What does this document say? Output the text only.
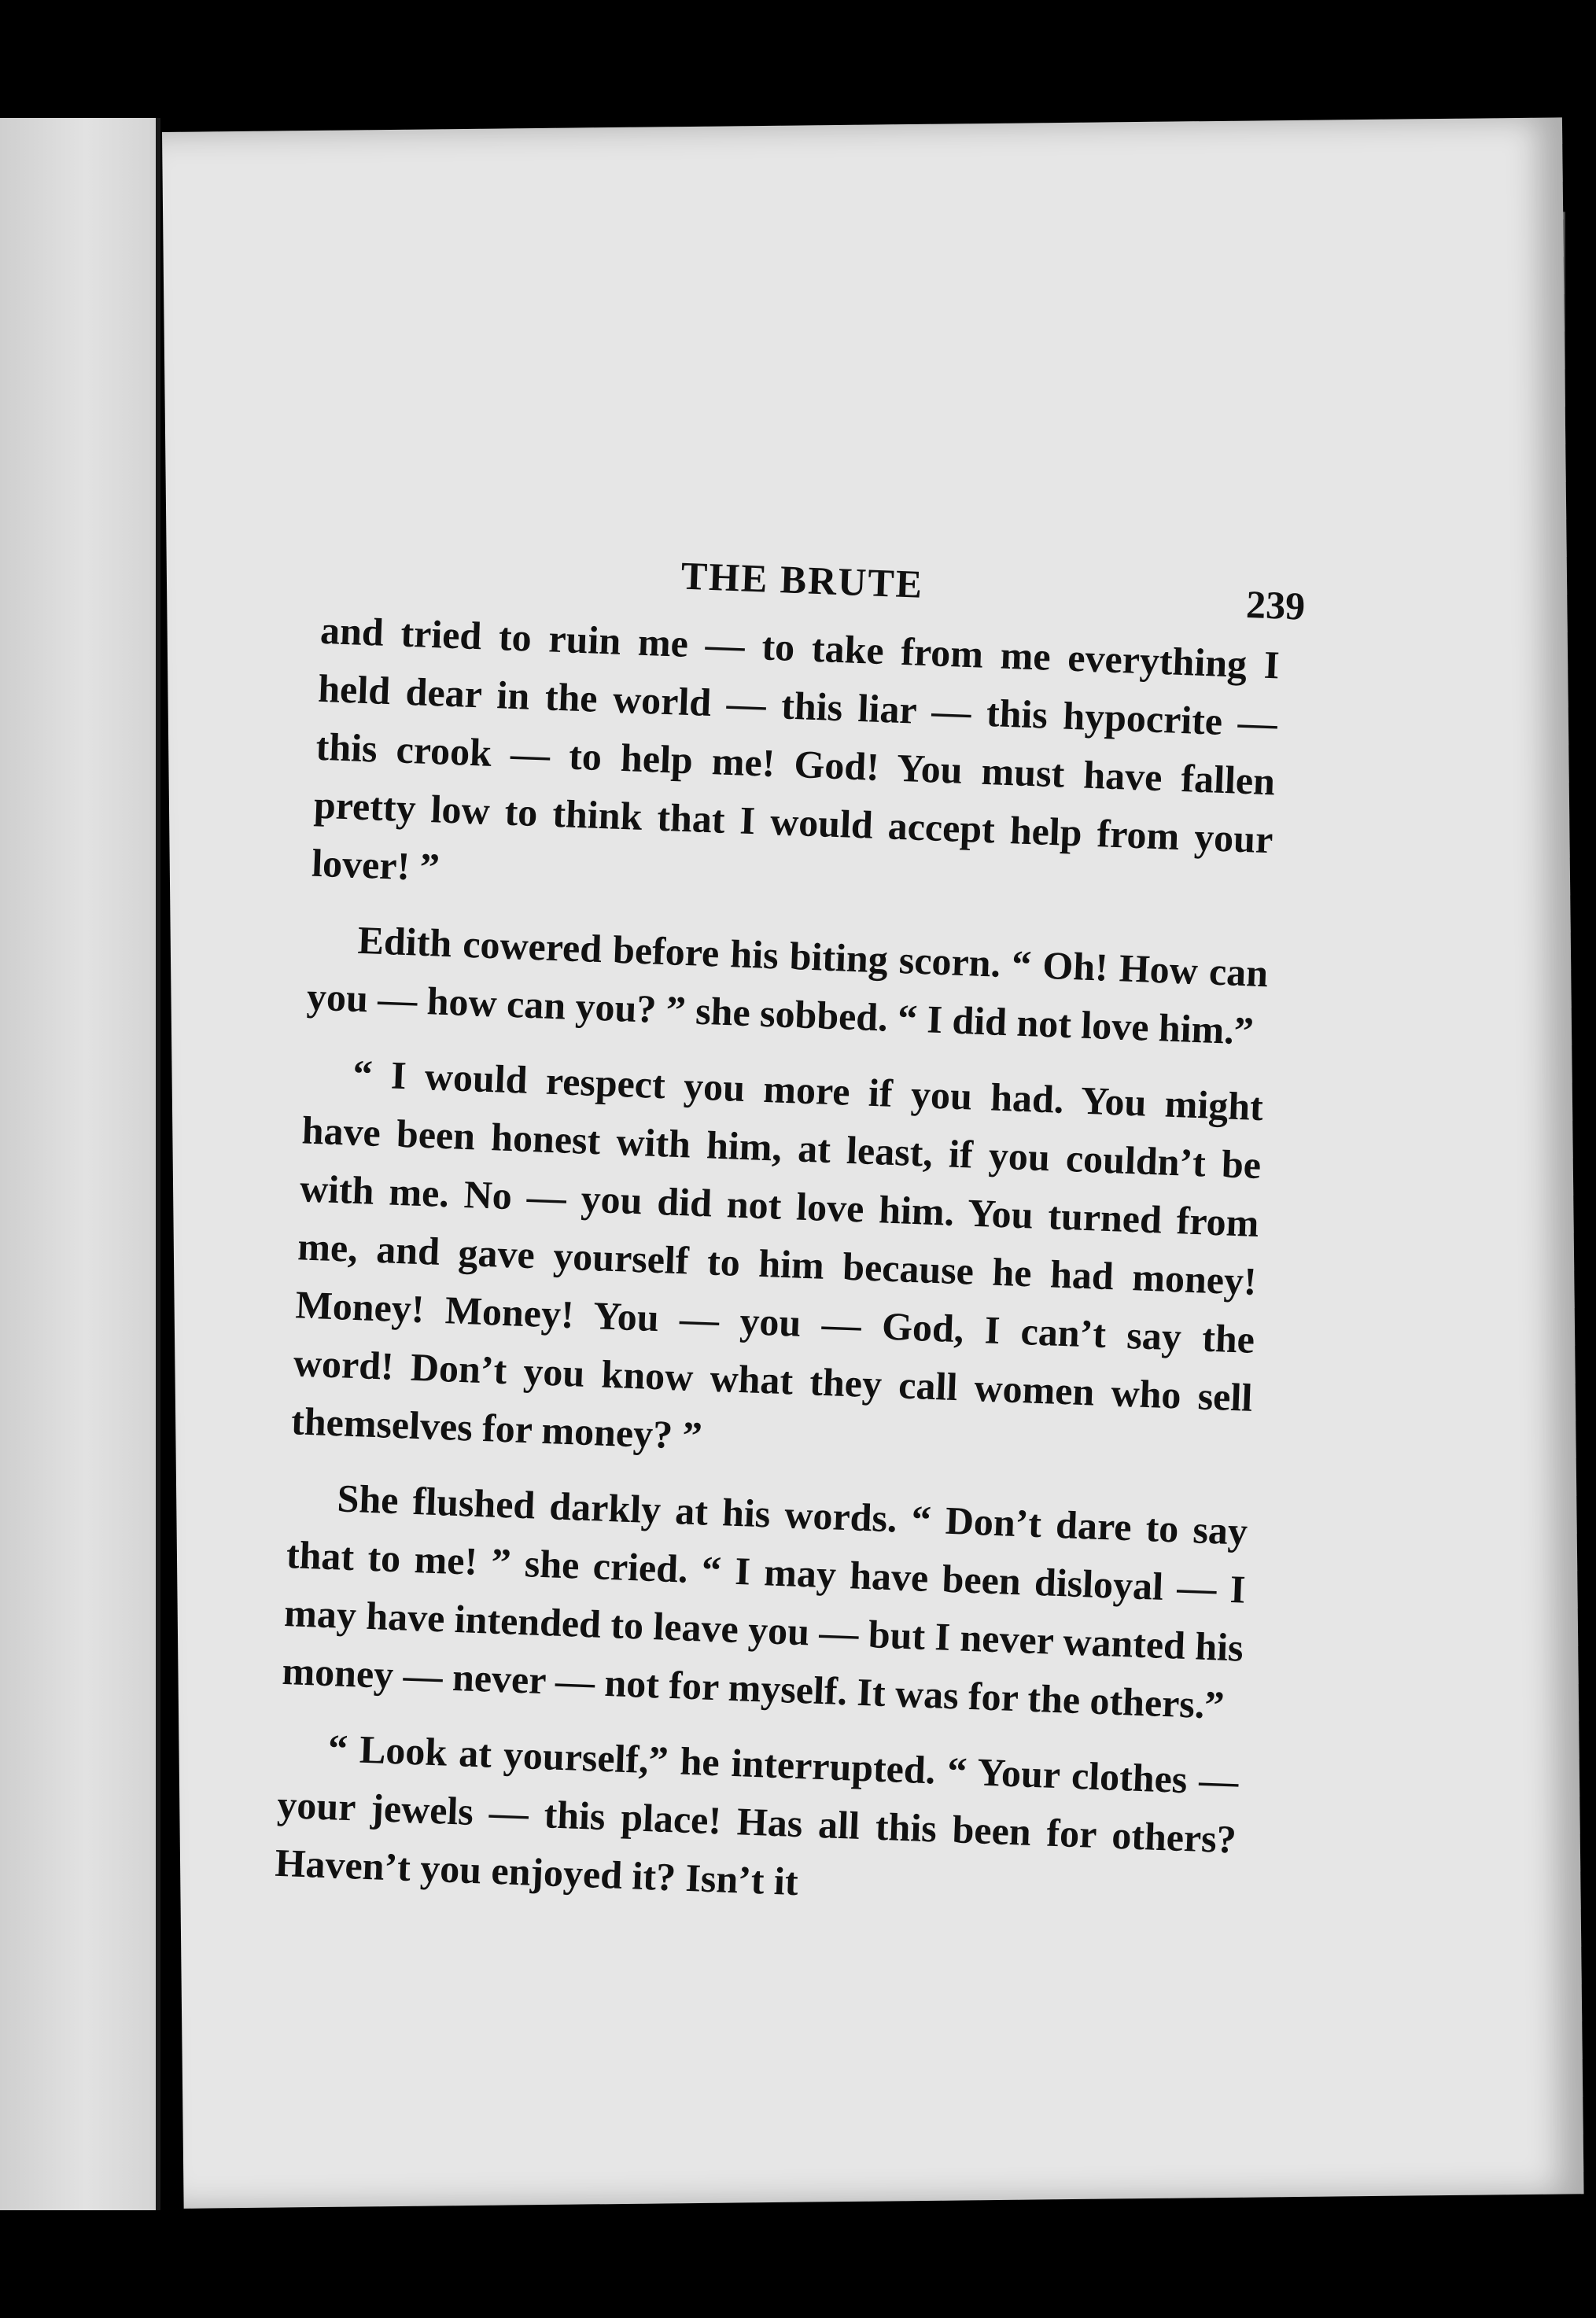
THE BRUTE	239

and tried to ruin me — to take from me everything I held dear in the world — this liar — this hypocrite — this crook — to help me! God! You must have fallen pretty low to think that I would accept help from your lover! ”

Edith cowered before his biting scorn. “ Oh! How can you — how can you? ” she sobbed. “ I did not love him.”

“ I would respect you more if you had. You might have been honest with him, at least, if you couldn’t be with me. No — you did not love him. You turned from me, and gave yourself to him because he had money! Money! Money! You — you — God, I can’t say the word! Don’t you know what they call women who sell themselves for money? ”

She flushed darkly at his words. “ Don’t dare to say that to me! ” she cried. “ I may have been disloyal — I may have intended to leave you — but I never wanted his money — never — not for myself. It was for the others.”

“ Look at yourself,” he interrupted. “ Your clothes — your jewels — this place! Has all this been for others? Haven’t you enjoyed it? Isn’t it
